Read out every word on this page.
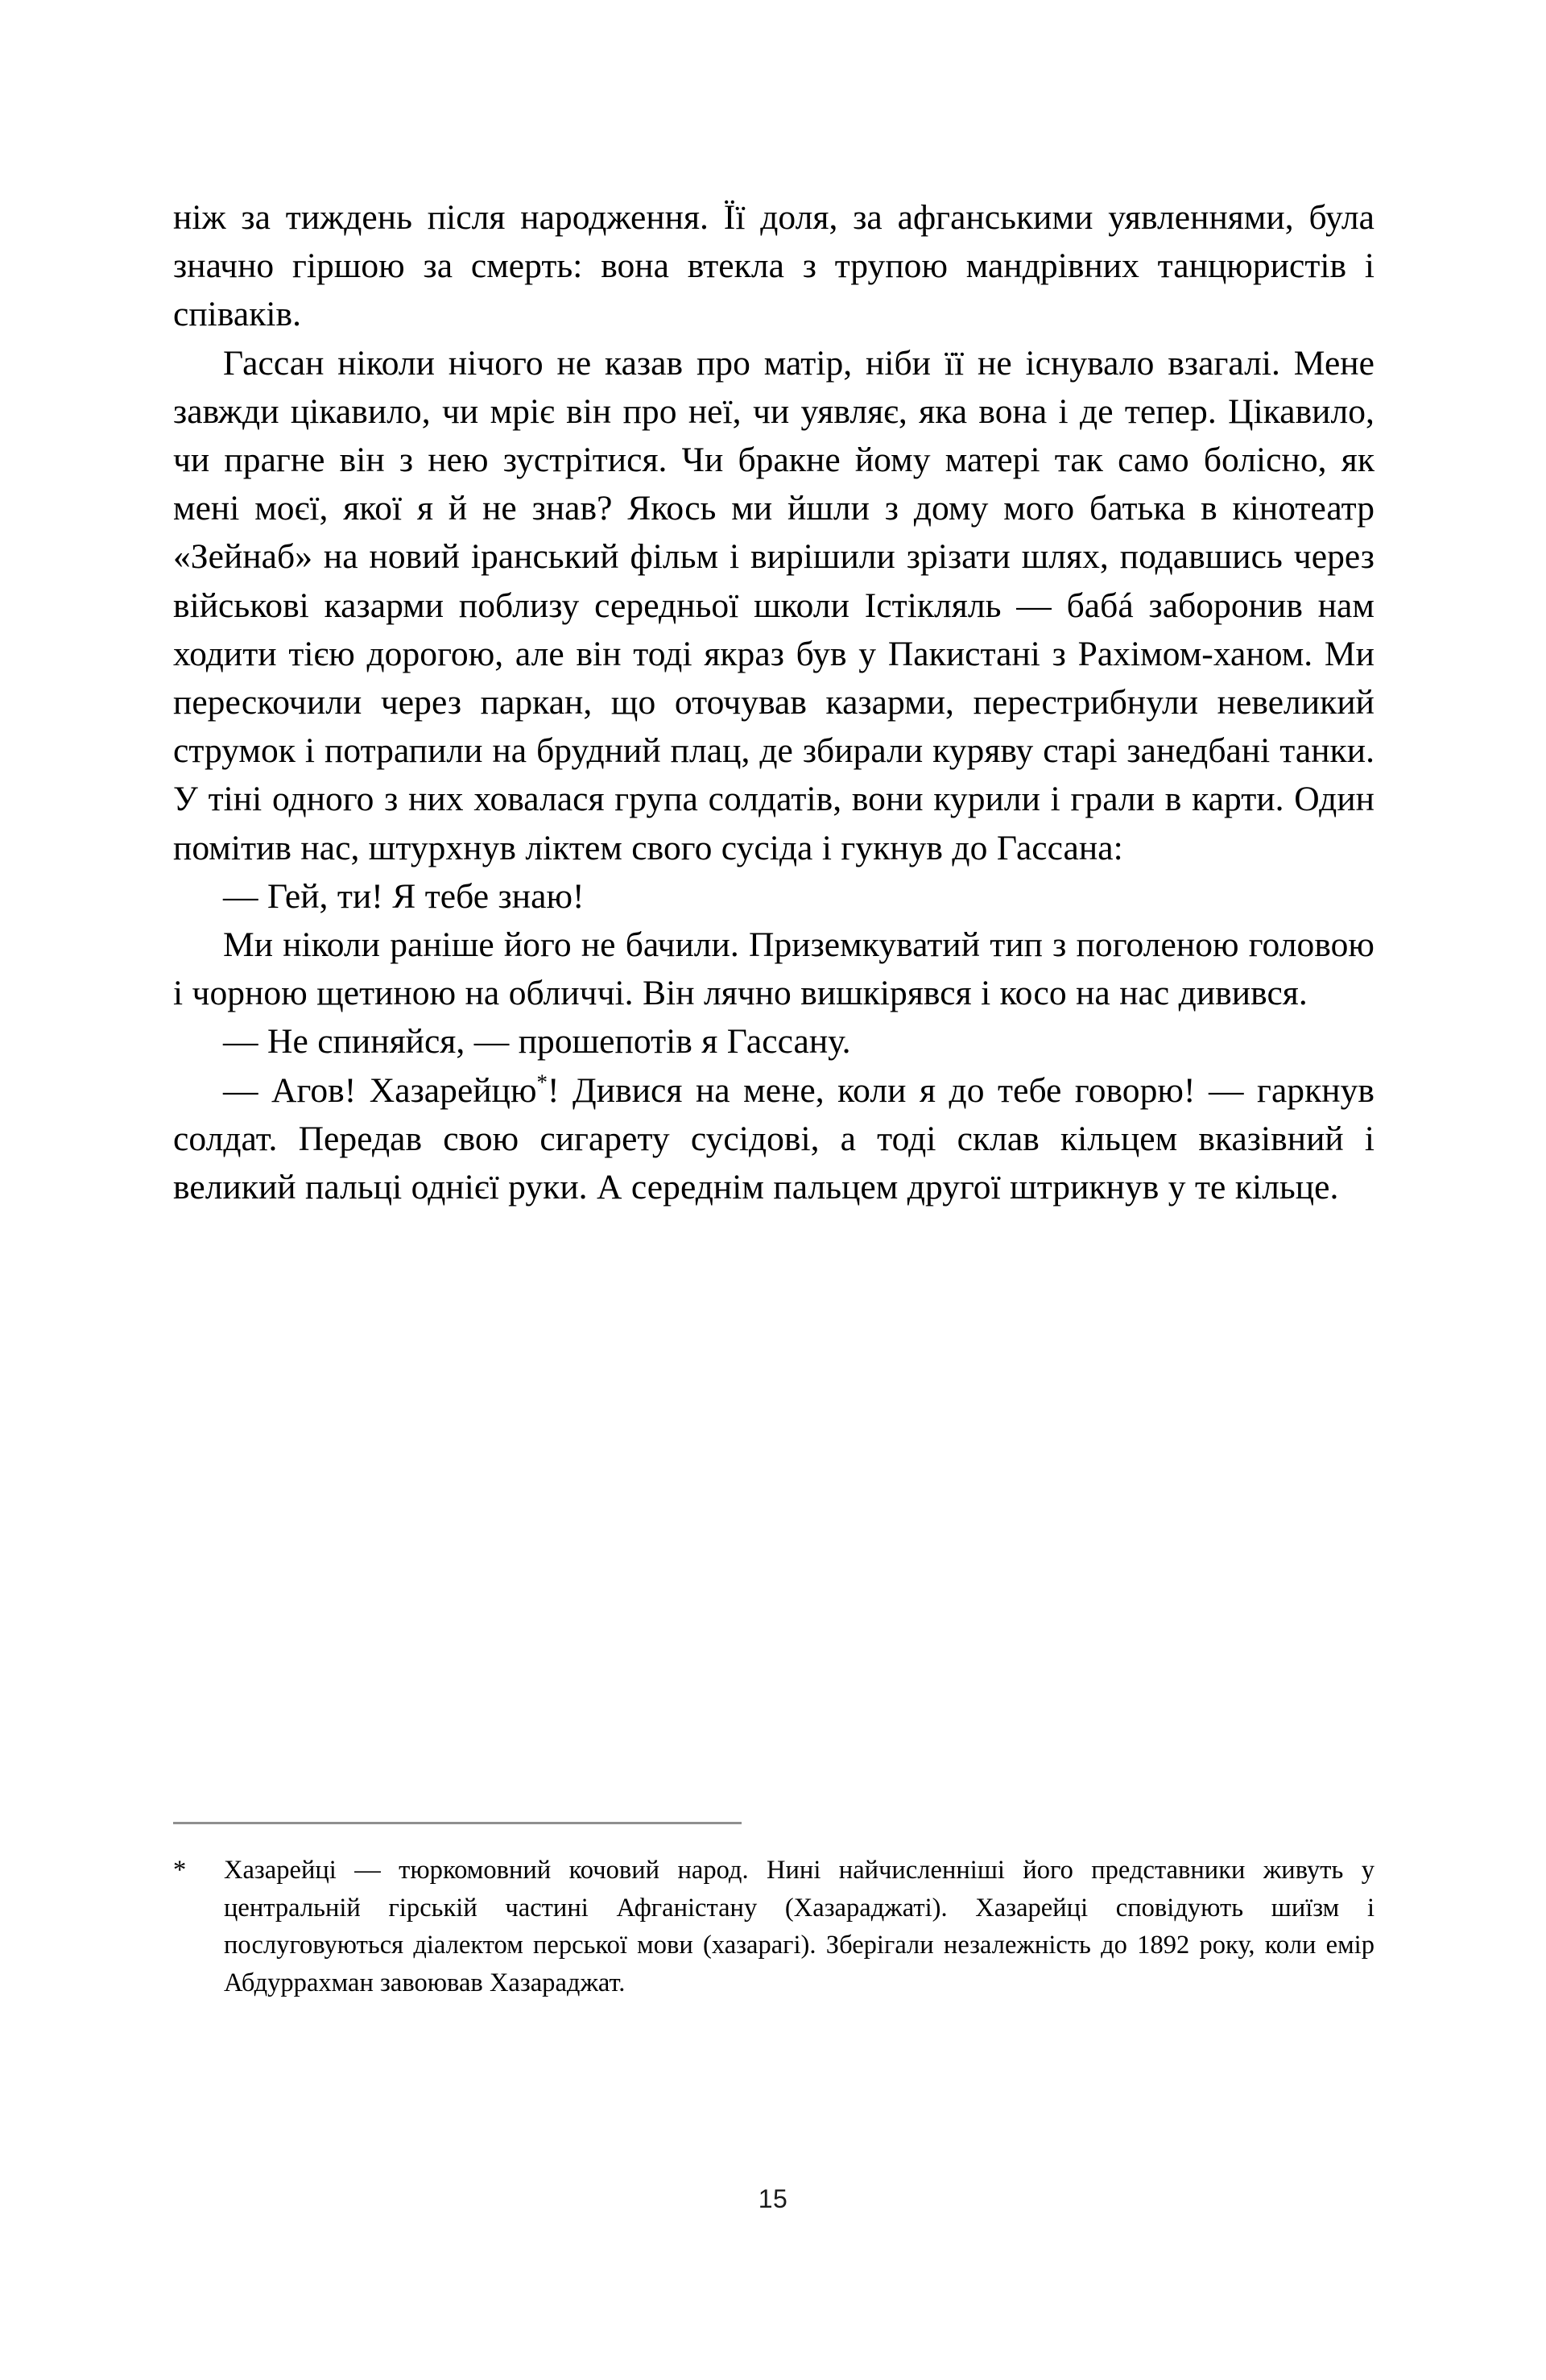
ніж за тиждень після народження. Її доля, за афганськими уявленнями, була значно гіршою за смерть: вона втекла з трупою мандрівних танцюристів і співаків.

Гассан ніколи нічого не казав про матір, ніби її не існувало взагалі. Мене завжди цікавило, чи мріє він про неї, чи уявляє, яка вона і де тепер. Цікавило, чи прагне він з нею зустрітися. Чи бракне йому матері так само болісно, як мені моєї, якої я й не знав? Якось ми йшли з дому мого батька в кінотеатр «Зейнаб» на новий іранський фільм і вирішили зрізати шлях, подавшись через військові казарми поблизу середньої школи Істікляль — бабá заборонив нам ходити тією дорогою, але він тоді якраз був у Пакистані з Рахімом-ханом. Ми перескочили через паркан, що оточував казарми, перестрибнули невеликий струмок і потрапили на брудний плац, де збирали куряву старі занедбані танки. У тіні одного з них ховалася група солдатів, вони курили і грали в карти. Один помітив нас, штурхнув ліктем свого сусіда і гукнув до Гассана:

— Гей, ти! Я тебе знаю!

Ми ніколи раніше його не бачили. Приземкуватий тип з поголеною головою і чорною щетиною на обличчі. Він лячно вишкірявся і косо на нас дивився.

— Не спиняйся, — прошепотів я Гассану.

— Агов! Хазарейцю*! Дивися на мене, коли я до тебе говорю! — гаркнув солдат. Передав свою сигарету сусідові, а тоді склав кільцем вказівний і великий пальці однієї руки. А середнім пальцем другої штрикнув у те кільце.

*	Хазарейці — тюркомовний кочовий народ. Нині найчисленніші його представники живуть у центральній гірській частині Афганістану (Хазараджаті). Хазарейці сповідують шиїзм і послуговуються діалектом перської мови (хазарагі). Зберігали незалежність до 1892 року, коли емір Абдуррахман завоював Хазараджат.
15
